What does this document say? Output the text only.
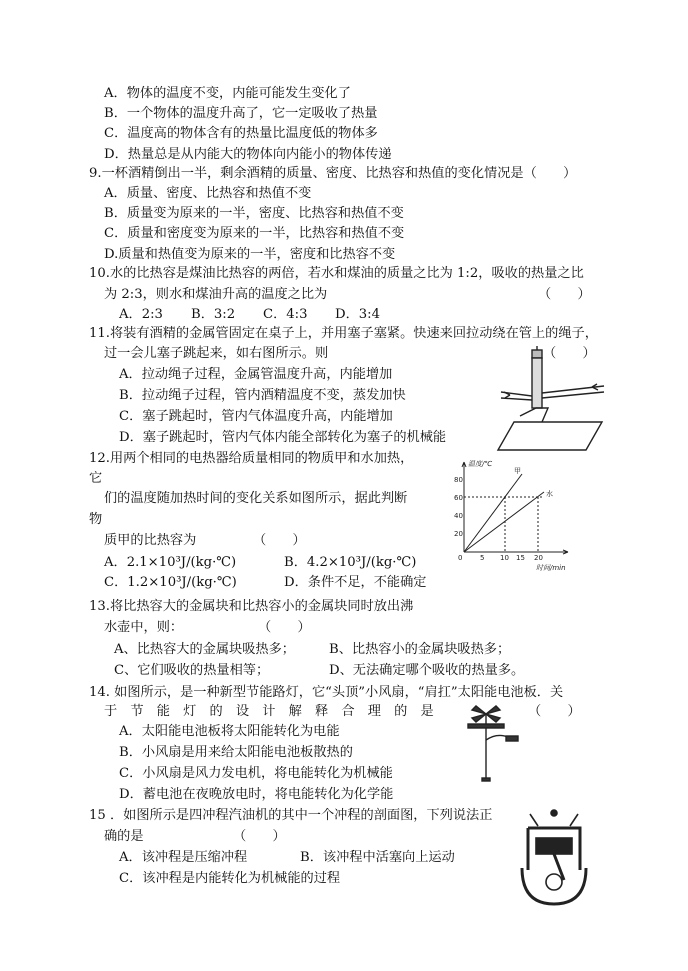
A．物体的温度不变，内能可能发生变化了
B．一个物体的温度升高了，它一定吸收了热量
C．温度高的物体含有的热量比温度低的物体多
D．热量总是从内能大的物体向内能小的物体传递
9.一杯酒精倒出一半，剩余酒精的质量、密度、比热容和热值的变化情况是（　　）
A．质量、密度、比热容和热值不变
B．质量变为原来的一半，密度、比热容和热值不变
C．质量和密度变为原来的一半，比热容和热值不变
D.质量和热值变为原来的一半，密度和比热容不变
10.水的比热容是煤油比热容的两倍，若水和煤油的质量之比为 1:2，吸收的热量之比
为 2:3，则水和煤油升高的温度之比为	（　　）
A．2:3 B．3:2 C．4:3 D．3:4
11.将装有酒精的金属管固定在桌子上，并用塞子塞紧。快速来回拉动绕在管上的绳子，
过一会儿塞子跳起来，如右图所示。则	（　　）
A．拉动绳子过程，金属管温度升高，内能增加
B．拉动绳子过程，管内酒精温度不变，蒸发加快
C．塞子跳起时，管内气体温度升高，内能增加
D．塞子跳起时，管内气体内能全部转化为塞子的机械能
12.用两个相同的电热器给质量相同的物质甲和水加热，
它
们的温度随加热时间的变化关系如图所示，据此判断
物
质甲的比热容为	（　　）
A．2.1×10³J/(kg·℃)	B．4.2×10³J/(kg·℃)
C．1.2×10³J/(kg·℃)	D．条件不足，不能确定
温度/℃
时间/min
甲
水
20
40
60
80
0	5 10 15 20
13.将比热容大的金属块和比热容小的金属块同时放出沸
水壶中，则：	（　　）
A、比热容大的金属块吸热多；	B、比热容小的金属块吸热多；
C、它们吸收的热量相等；	D、无法确定哪个吸收的热量多。
14. 如图所示，是一种新型节能路灯，它“头顶”小风扇，“肩扛”太阳能电池板．关
于　节　能　灯　的　设　计　解　释　合　理　的　是	（　　）
A．太阳能电池板将太阳能转化为电能
B．小风扇是用来给太阳能电池板散热的
C．小风扇是风力发电机，将电能转化为机械能
D．蓄电池在夜晚放电时，将电能转化为化学能
15 ．如图所示是四冲程汽油机的其中一个冲程的剖面图，下列说法正
确的是	（　　）
A．该冲程是压缩冲程	B．该冲程中活塞向上运动
C．该冲程是内能转化为机械能的过程
